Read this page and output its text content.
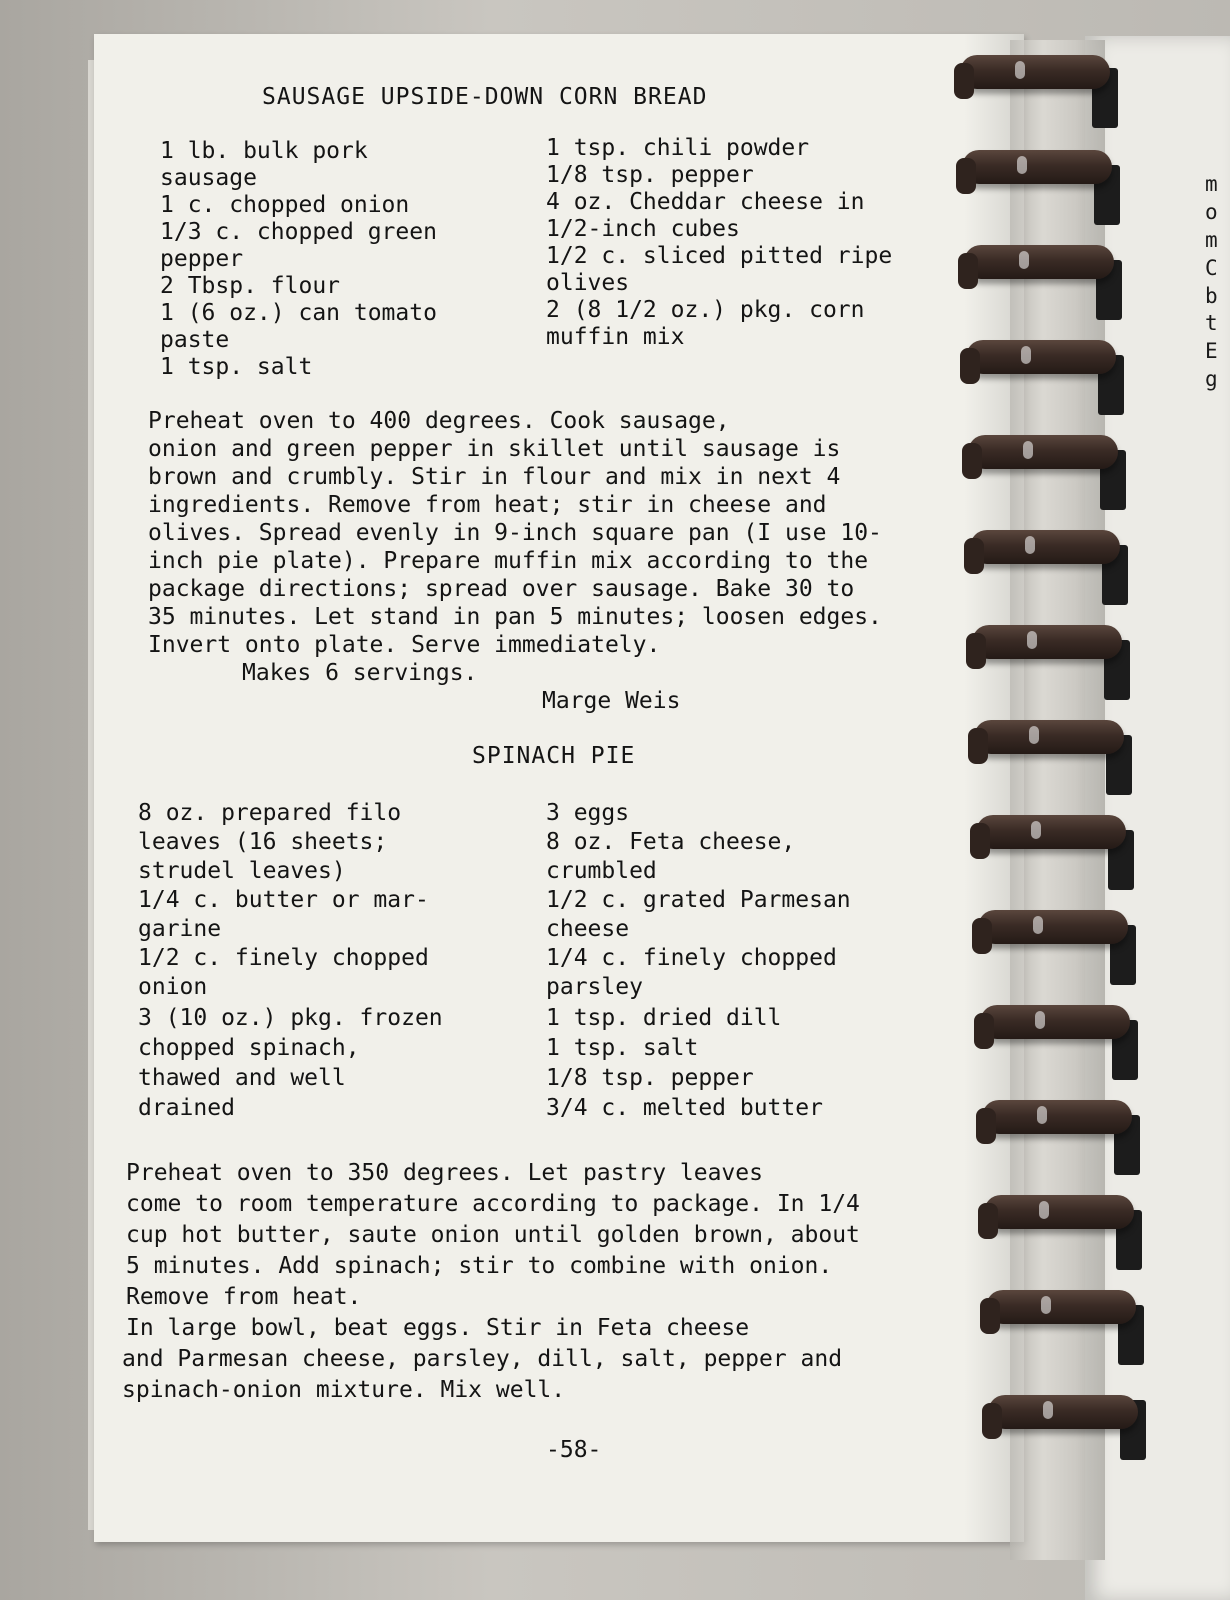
m
o
m
C
b
t
E
g
SAUSAGE UPSIDE-DOWN CORN BREAD
1 lb. bulk pork
sausage
1 c. chopped onion
1/3 c. chopped green
pepper
2 Tbsp. flour
1 (6 oz.) can tomato
paste
1 tsp. salt
1 tsp. chili powder
1/8 tsp. pepper
4 oz. Cheddar cheese in
1/2-inch cubes
1/2 c. sliced pitted ripe
olives
2 (8 1/2 oz.) pkg. corn
muffin mix
Preheat oven to 400 degrees. Cook sausage,
onion and green pepper in skillet until sausage is
brown and crumbly. Stir in flour and mix in next 4
ingredients. Remove from heat; stir in cheese and
olives. Spread evenly in 9-inch square pan (I use 10-
inch pie plate). Prepare muffin mix according to the
package directions; spread over sausage. Bake 30 to
35 minutes. Let stand in pan 5 minutes; loosen edges.
Invert onto plate. Serve immediately.
Makes 6 servings.
Marge Weis
SPINACH PIE
8 oz. prepared filo
leaves (16 sheets;
strudel leaves)
1/4 c. butter or mar-
garine
1/2 c. finely chopped
onion
3 (10 oz.) pkg. frozen
chopped spinach,
thawed and well
drained
3 eggs
8 oz. Feta cheese,
crumbled
1/2 c. grated Parmesan
cheese
1/4 c. finely chopped
parsley
1 tsp. dried dill
1 tsp. salt
1/8 tsp. pepper
3/4 c. melted butter
Preheat oven to 350 degrees. Let pastry leaves
come to room temperature according to package. In 1/4
cup hot butter, saute onion until golden brown, about
5 minutes. Add spinach; stir to combine with onion.
Remove from heat.
In large bowl, beat eggs. Stir in Feta cheese
and Parmesan cheese, parsley, dill, salt, pepper and
spinach-onion mixture. Mix well.
-58-
